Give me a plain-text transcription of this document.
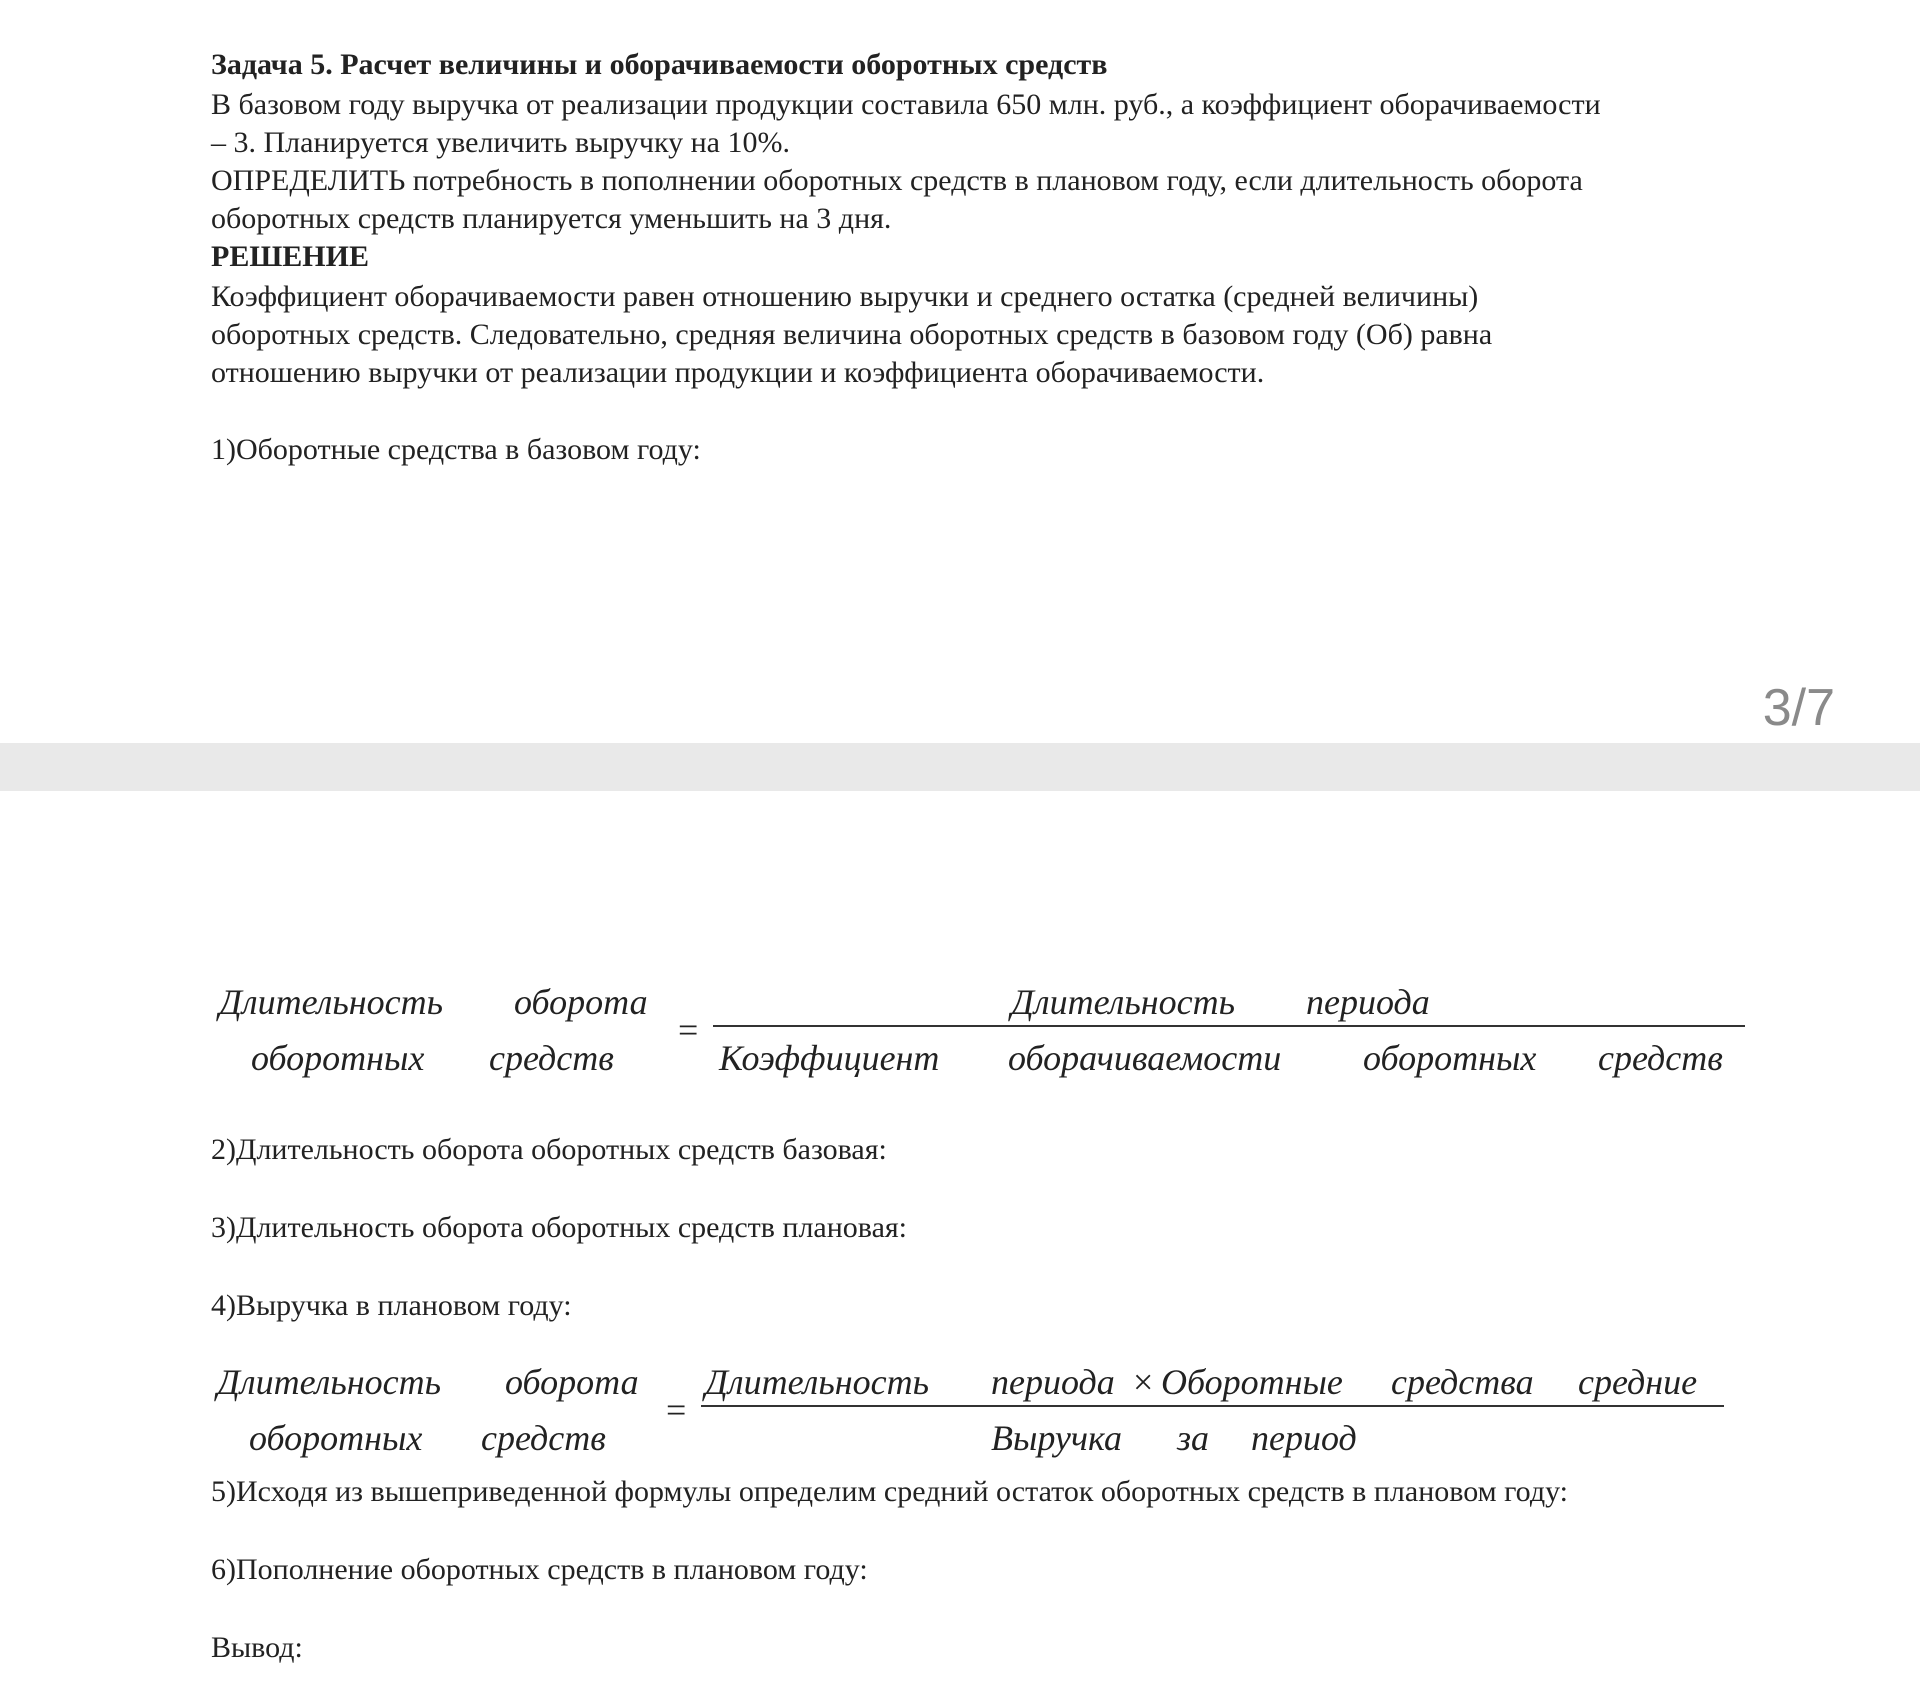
Задача 5. Расчет величины и оборачиваемости оборотных средств

В базовом году выручка от реализации продукции составила 650 млн. руб., а коэффициент оборачиваемости

– 3. Планируется увеличить выручку на 10%.

ОПРЕДЕЛИТЬ потребность в пополнении оборотных средств в плановом году, если длительность оборота

оборотных средств планируется уменьшить на 3 дня.

РЕШЕНИЕ

Коэффициент оборачиваемости равен отношению выручки и среднего остатка (средней величины)

оборотных средств. Следовательно, средняя величина оборотных средств в базовом году (Об) равна

отношению выручки от реализации продукции и коэффициента оборачиваемости.

1)Оборотные средства в базовом году:

3/7

Длительность оборота
оборотных средств
=
Длительность периода
Коэффициент оборачиваемости оборотных средств

2)Длительность оборота оборотных средств базовая:

3)Длительность оборота оборотных средств плановая:

4)Выручка в плановом году:

Длительность оборота
оборотных средств
=
Длительность периода × Оборотные средства средние
Выручка за период

5)Исходя из вышеприведенной формулы определим средний остаток оборотных средств в плановом году:

6)Пополнение оборотных средств в плановом году:

Вывод:
